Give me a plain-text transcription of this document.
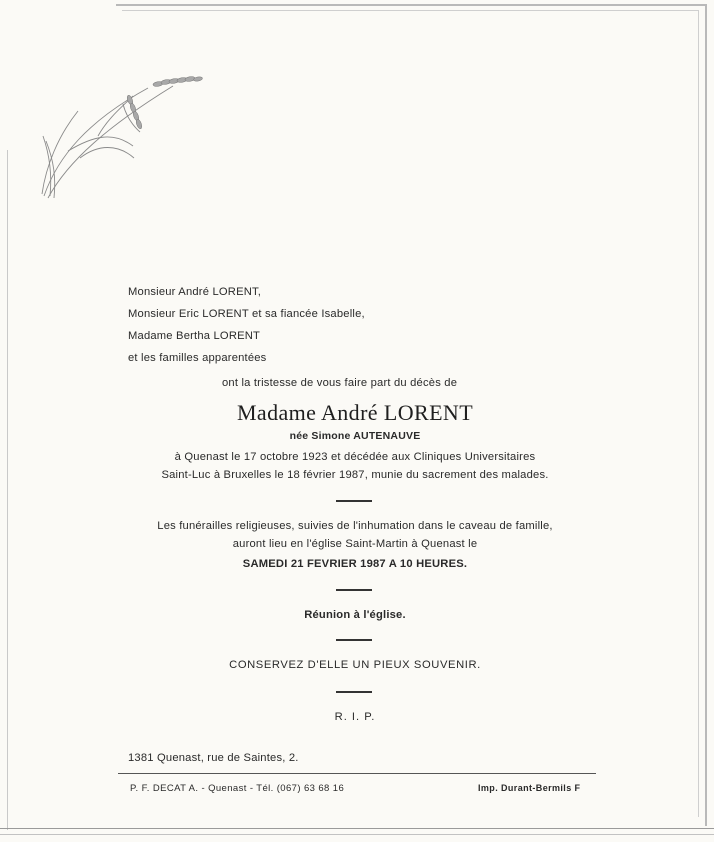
Monsieur André LORENT,
Monsieur Eric LORENT et sa fiancée Isabelle,
Madame Bertha LORENT
et les familles apparentées
ont la tristesse de vous faire part du décès de
Madame André LORENT
née Simone AUTENAUVE
à Quenast le 17 octobre 1923 et décédée aux Cliniques Universitaires
Saint-Luc à Bruxelles le 18 février 1987, munie du sacrement des malades.
Les funérailles religieuses, suivies de l'inhumation dans le caveau de famille,
auront lieu en l'église Saint-Martin à Quenast le
SAMEDI 21 FEVRIER 1987 A 10 HEURES.
Réunion à l'église.
CONSERVEZ D'ELLE UN PIEUX SOUVENIR.
R. I. P.
1381 Quenast, rue de Saintes, 2.
P. F. DECAT A. - Quenast - Tél. (067) 63 68 16	Imp. Durant-Bermils F
